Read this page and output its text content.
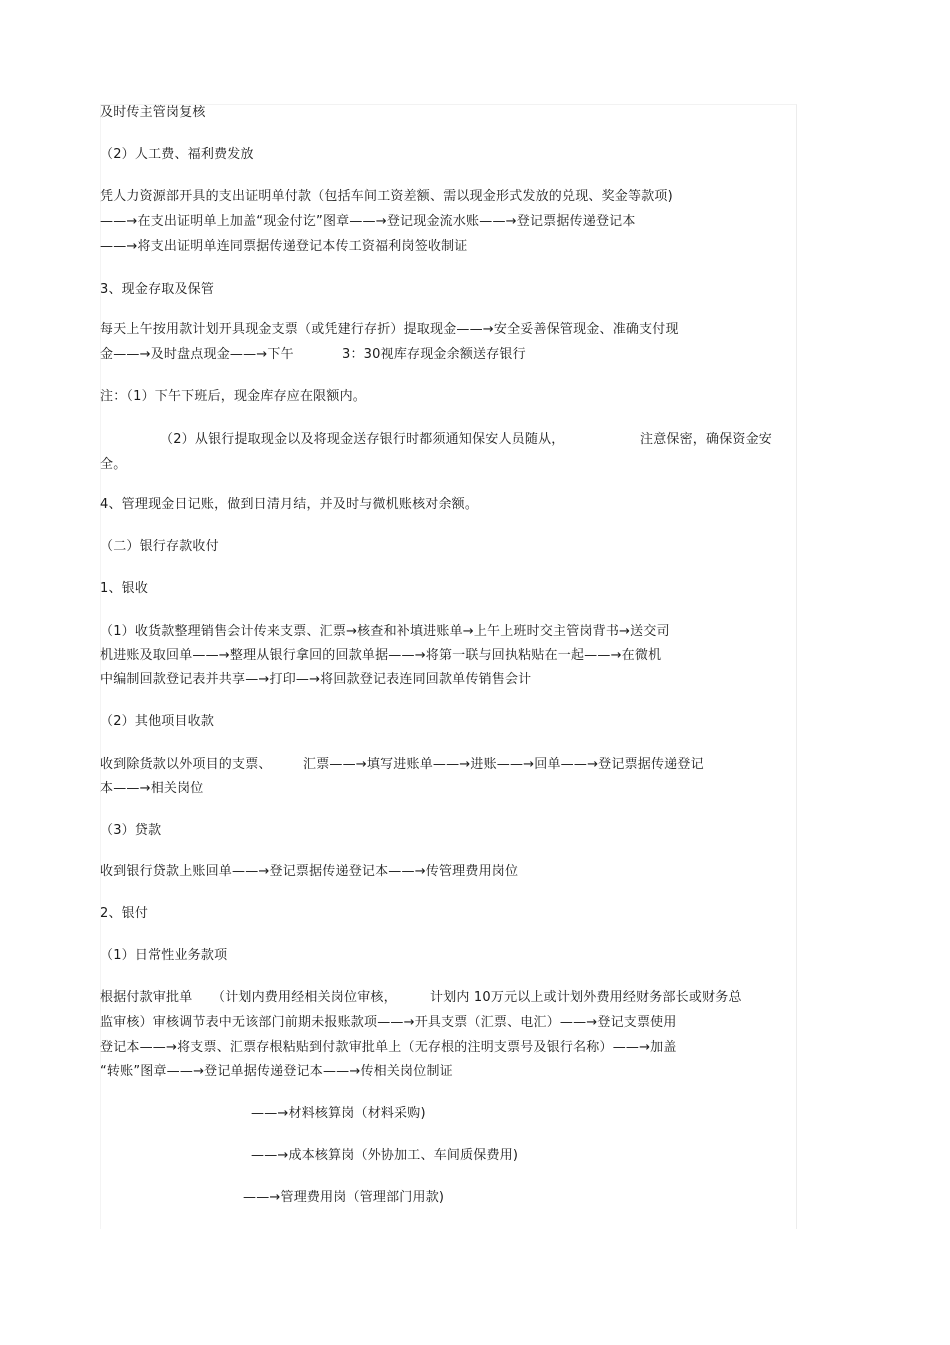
及时传主管岗复核
（2）人工费、福利费发放
凭人力资源部开具的支出证明单付款（包括车间工资差额、需以现金形式发放的兑现、奖金等款项)
——→在支出证明单上加盖“现金付讫”图章——→登记现金流水账——→登记票据传递登记本
——→将支出证明单连同票据传递登记本传工资福利岗签收制证
3、现金存取及保管
每天上午按用款计划开具现金支票（或凭建行存折）提取现金——→安全妥善保管现金、准确支付现
金——→及时盘点现金——→下午	3：30视库存现金余额送存银行
注：（1）下午下班后，现金库存应在限额内。
（2）从银行提取现金以及将现金送存银行时都须通知保安人员随从，	注意保密，确保资金安
全。
4、管理现金日记账，做到日清月结，并及时与微机账核对余额。
（二）银行存款收付
1、银收
（1）收货款整理销售会计传来支票、汇票→核查和补填进账单→上午上班时交主管岗背书→送交司
机进账及取回单——→整理从银行拿回的回款单据——→将第一联与回执粘贴在一起——→在微机
中编制回款登记表并共享—→打印—→将回款登记表连同回款单传销售会计
（2）其他项目收款
收到除货款以外项目的支票、 汇票——→填写进账单——→进账——→回单——→登记票据传递登记
本——→相关岗位
（3）贷款
收到银行贷款上账回单——→登记票据传递登记本——→传管理费用岗位
2、银付
（1）日常性业务款项
根据付款审批单 （计划内费用经相关岗位审核，	计划内 10万元以上或计划外费用经财务部长或财务总
监审核）审核调节表中无该部门前期未报账款项——→开具支票（汇票、电汇）——→登记支票使用
登记本——→将支票、汇票存根粘贴到付款审批单上（无存根的注明支票号及银行名称）——→加盖
“转账”图章——→登记单据传递登记本——→传相关岗位制证
——→材料核算岗（材料采购)
——→成本核算岗（外协加工、车间质保费用)
——→管理费用岗（管理部门用款)
